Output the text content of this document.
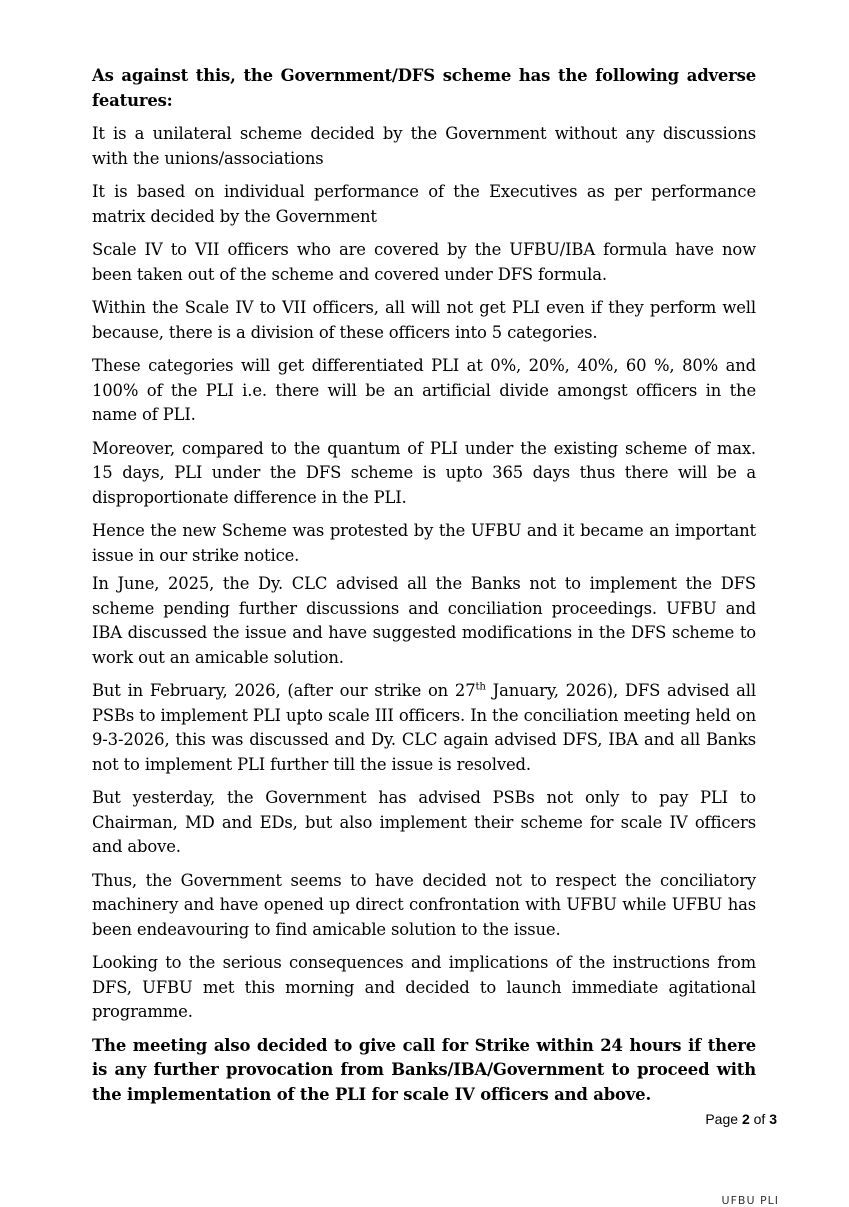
As against this, the Government/DFS scheme has the following adverse features:

It is a unilateral scheme decided by the Government without any discussions with the unions/associations

It is based on individual performance of the Executives as per performance matrix decided by the Government

Scale IV to VII officers who are covered by the UFBU/IBA formula have now been taken out of the scheme and covered under DFS formula.

Within the Scale IV to VII officers, all will not get PLI even if they perform well because, there is a division of these officers into 5 categories.

These categories will get differentiated PLI at 0%, 20%, 40%, 60 %, 80% and 100% of the PLI i.e. there will be an artificial divide amongst officers in the name of PLI.

Moreover, compared to the quantum of PLI under the existing scheme of max. 15 days, PLI under the DFS scheme is upto 365 days thus there will be a disproportionate difference in the PLI.

Hence the new Scheme was protested by the UFBU and it became an important issue in our strike notice.

In June, 2025, the Dy. CLC advised all the Banks not to implement the DFS scheme pending further discussions and conciliation proceedings. UFBU and IBA discussed the issue and have suggested modifications in the DFS scheme to work out an amicable solution.

But in February, 2026, (after our strike on 27th January, 2026), DFS advised all PSBs to implement PLI upto scale III officers. In the conciliation meeting held on 9-3-2026, this was discussed and Dy. CLC again advised DFS, IBA and all Banks not to implement PLI further till the issue is resolved.

But yesterday, the Government has advised PSBs not only to pay PLI to Chairman, MD and EDs, but also implement their scheme for scale IV officers and above.

Thus, the Government seems to have decided not to respect the conciliatory machinery and have opened up direct confrontation with UFBU while UFBU has been endeavouring to find amicable solution to the issue.

Looking to the serious consequences and implications of the instructions from DFS, UFBU met this morning and decided to launch immediate agitational programme.

The meeting also decided to give call for Strike within 24 hours if there is any further provocation from Banks/IBA/Government to proceed with the implementation of the PLI for scale IV officers and above.

Page 2 of 3
UFBU PLI
